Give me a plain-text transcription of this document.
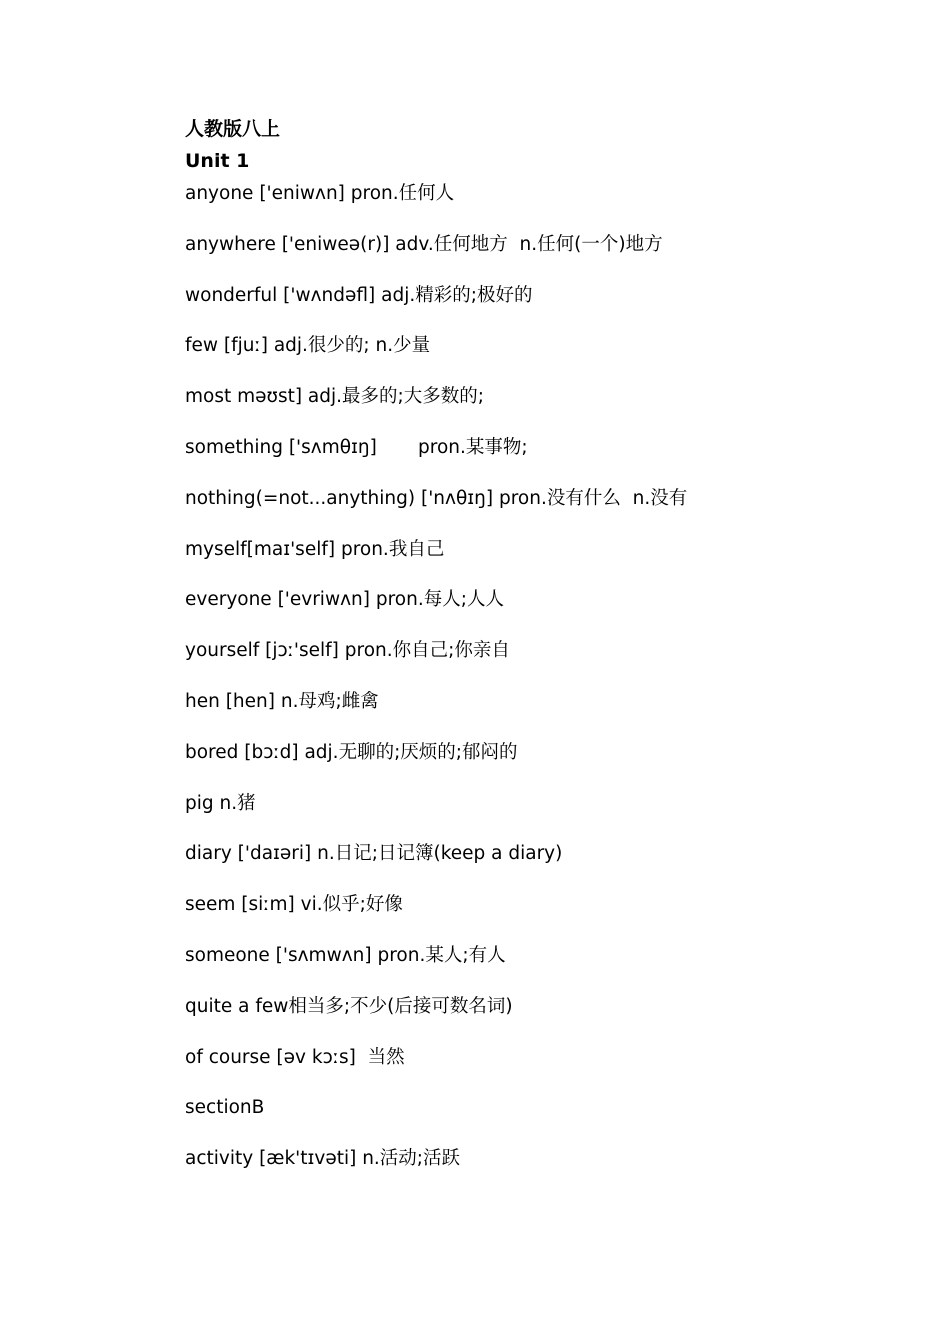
人教版八上
Unit 1
anyone ['eniwʌn] pron.任何人
anywhere ['eniweə(r)] adv.任何地方  n.任何(一个)地方
wonderful ['wʌndəfl] adj.精彩的;极好的
few [fjuː] adj.很少的; n.少量
most məʊst] adj.最多的;大多数的;
something ['sʌmθɪŋ]       pron.某事物;
nothing(=not...anything) ['nʌθɪŋ] pron.没有什么  n.没有
myself[maɪ'self] pron.我自己
everyone ['evriwʌn] pron.每人;人人
yourself [jɔː'self] pron.你自己;你亲自
hen [hen] n.母鸡;雌禽
bored [bɔːd] adj.无聊的;厌烦的;郁闷的
pig n.猪
diary ['daɪəri] n.日记;日记簿(keep a diary)
seem [siːm] vi.似乎;好像
someone ['sʌmwʌn] pron.某人;有人
quite a few相当多;不少(后接可数名词)
of course [əv kɔːs]  当然
sectionB
activity [æk'tɪvəti] n.活动;活跃
